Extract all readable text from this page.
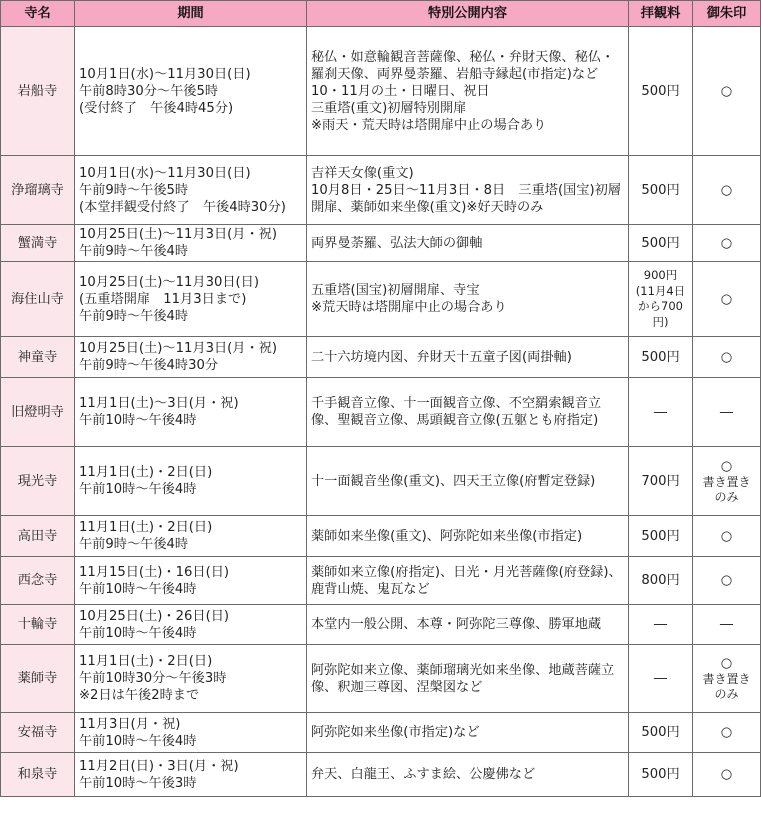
寺名	期間	特別公開内容	拝観料	御朱印
岩船寺	10月1日(水)～11月30日(日)
午前8時30分～午後5時
(受付終了　午後4時45分)	秘仏・如意輪観音菩薩像、秘仏・弁財天像、秘仏・羅刹天像、両界曼荼羅、岩船寺縁起(市指定)など
10・11月の土・日曜日、祝日
三重塔(重文)初層特別開扉
※雨天・荒天時は塔開扉中止の場合あり	500円	○

浄瑠璃寺	10月1日(水)～11月30日(日)
午前9時～午後5時
(本堂拝観受付終了　午後4時30分)	吉祥天女像(重文)
10月8日・25日～11月3日・8日　三重塔(国宝)初層開扉、薬師如来坐像(重文)※好天時のみ	500円	○

蟹満寺	10月25日(土)～11月3日(月・祝)
午前9時～午後4時	両界曼荼羅、弘法大師の御軸	500円	○

海住山寺	10月25日(土)～11月30日(日)
(五重塔開扉　11月3日まで)
午前9時～午後4時	五重塔(国宝)初層開扉、寺宝
※荒天時は塔開扉中止の場合あり	900円
(11月4日
から700円)	○

神童寺	10月25日(土)～11月3日(月・祝)
午前9時～午後4時30分	二十六坊境内図、弁財天十五童子図(両掛軸)	500円	○

旧燈明寺	11月1日(土)～3日(月・祝)
午前10時～午後4時	千手観音立像、十一面観音立像、不空羂索観音立像、聖観音立像、馬頭観音立像(五躯とも府指定)	―	―

現光寺	11月1日(土)・2日(日)
午前10時～午後4時	十一面観音坐像(重文)、四天王立像(府暫定登録)	700円	○
書き置き
のみ

高田寺	11月1日(土)・2日(日)
午前9時～午後4時	薬師如来坐像(重文)、阿弥陀如来坐像(市指定)	500円	○

西念寺	11月15日(土)・16日(日)
午前10時～午後4時	薬師如来立像(府指定)、日光・月光菩薩像(府登録)、鹿背山焼、鬼瓦など	800円	○

十輪寺	10月25日(土)・26日(日)
午前10時～午後4時	本堂内一般公開、本尊・阿弥陀三尊像、勝軍地蔵	―	―

薬師寺	11月1日(土)・2日(日)
午前10時30分～午後3時
※2日は午後2時まで	阿弥陀如来立像、薬師瑠璃光如来坐像、地蔵菩薩立像、釈迦三尊図、涅槃図など	―	○
書き置き
のみ

安福寺	11月3日(月・祝)
午前10時～午後4時	阿弥陀如来坐像(市指定)など	500円	○

和泉寺	11月2日(日)・3日(月・祝)
午前10時～午後3時	弁天、白龍王、ふすま絵、公慶佛など	500円	○
